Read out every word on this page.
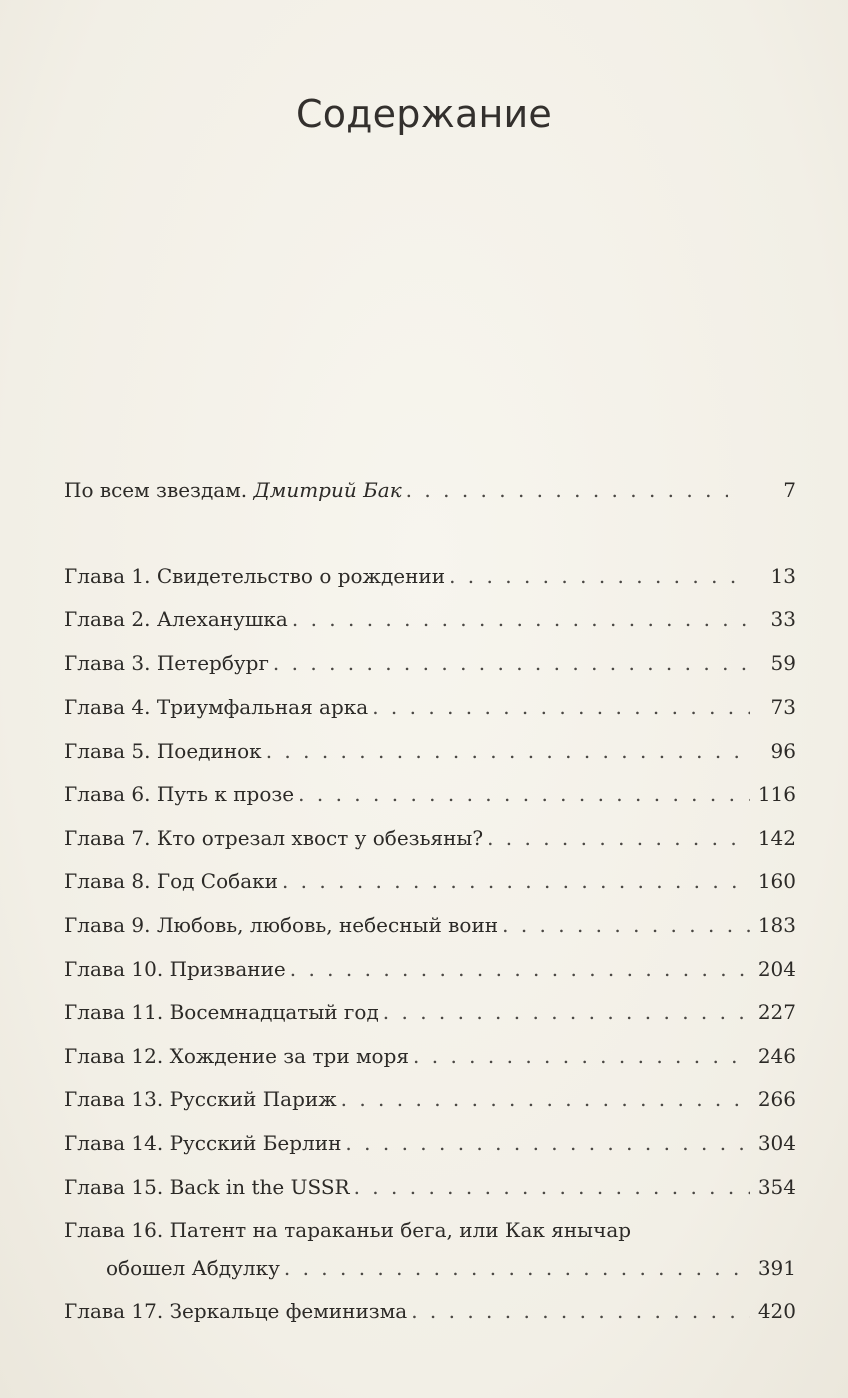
Содержание
По всем звездам. Дмитрий Бак . . .	7
Глава 1. Свидетельство о рождении . . .	13
Глава 2. Алеханушка . . .	33
Глава 3. Петербург . . .	59
Глава 4. Триумфальная арка . . .	73
Глава 5. Поединок . . .	96
Глава 6. Путь к прозе . . .	116
Глава 7. Кто отрезал хвост у обезьяны? . . .	142
Глава 8. Год Собаки . . .	160
Глава 9. Любовь, любовь, небесный воин . . .	183
Глава 10. Призвание . . .	204
Глава 11. Восемнадцатый год . . .	227
Глава 12. Хождение за три моря . . .	246
Глава 13. Русский Париж . . .	266
Глава 14. Русский Берлин . . .	304
Глава 15. Back in the USSR . . .	354
Глава 16. Патент на тараканьи бега, или Как янычар
обошел Абдулку . . .	391
Глава 17. Зеркальце феминизма . . .	420
